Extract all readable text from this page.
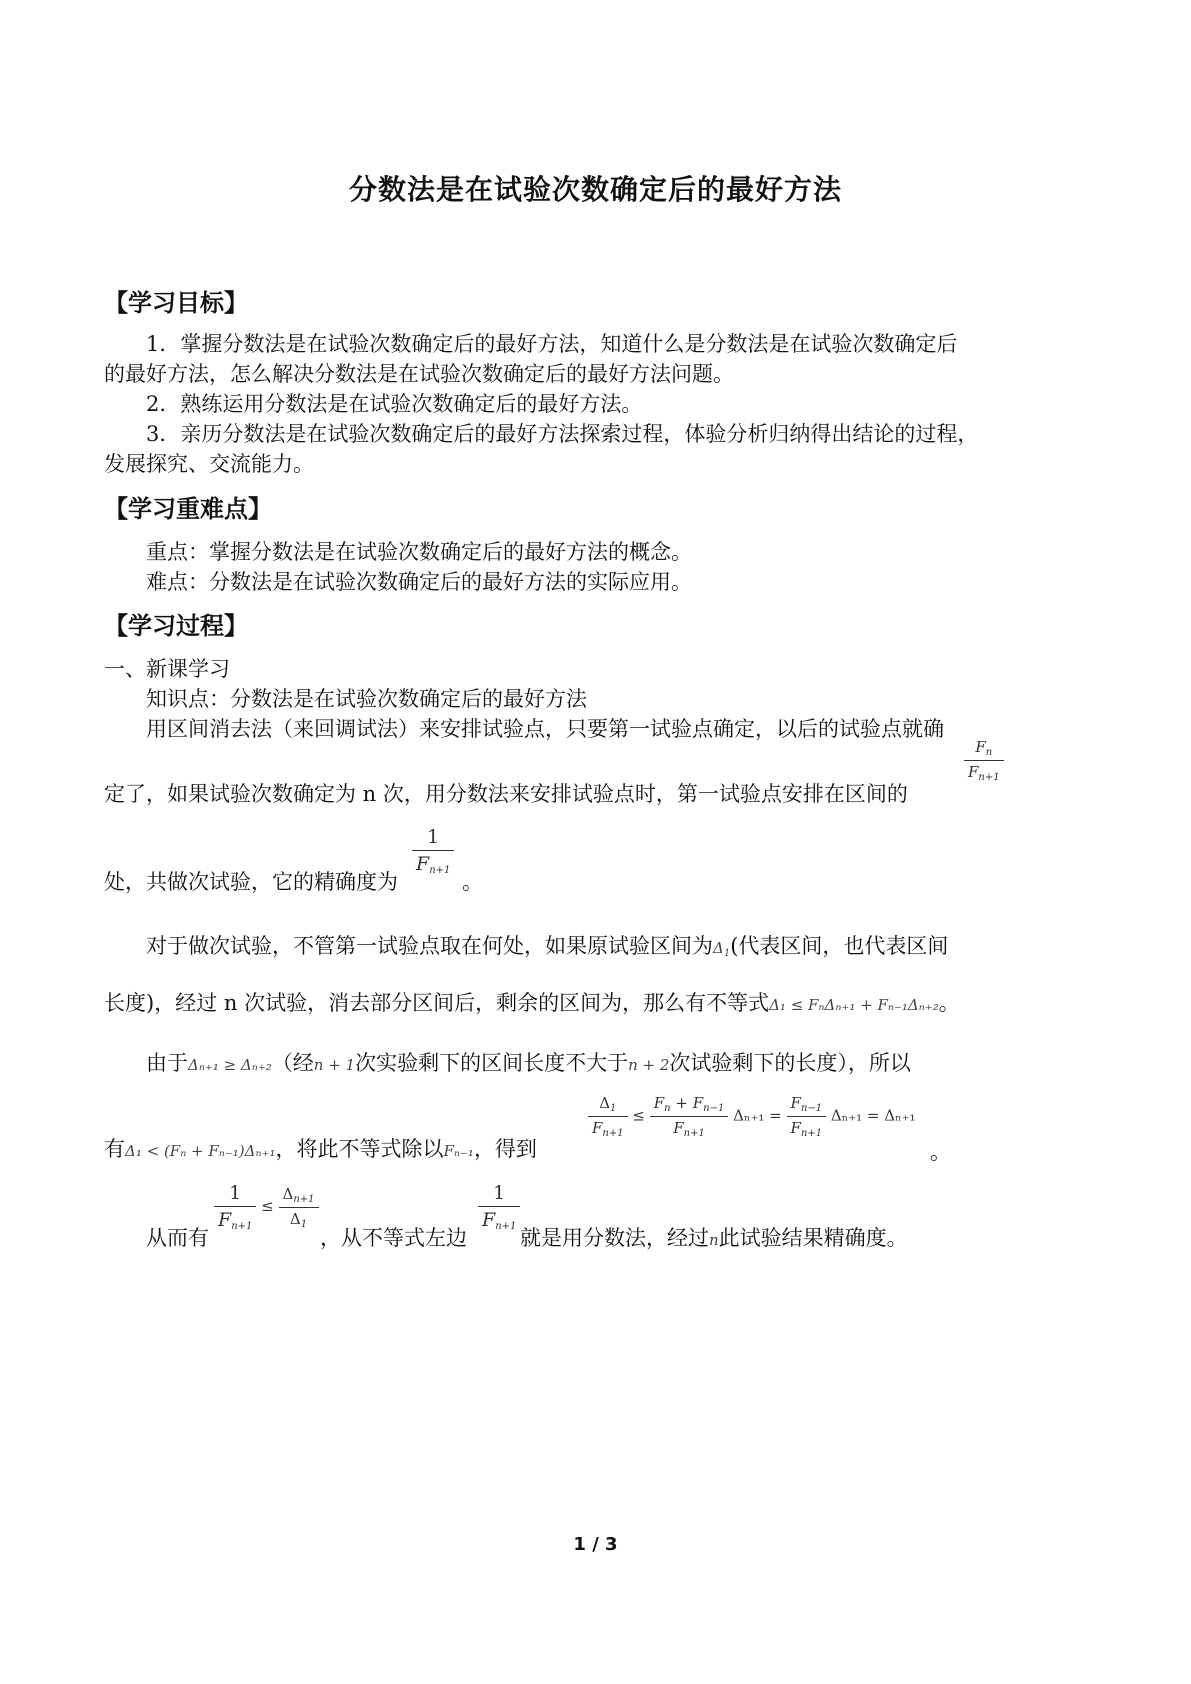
分数法是在试验次数确定后的最好方法
【学习目标】
1．掌握分数法是在试验次数确定后的最好方法，知道什么是分数法是在试验次数确定后
的最好方法，怎么解决分数法是在试验次数确定后的最好方法问题。
2．熟练运用分数法是在试验次数确定后的最好方法。
3．亲历分数法是在试验次数确定后的最好方法探索过程，体验分析归纳得出结论的过程，
发展探究、交流能力。
【学习重难点】
重点：掌握分数法是在试验次数确定后的最好方法的概念。
难点：分数法是在试验次数确定后的最好方法的实际应用。
【学习过程】
一、新课学习
知识点：分数法是在试验次数确定后的最好方法
用区间消去法（来回调试法）来安排试验点，只要第一试验点确定，以后的试验点就确
定了，如果试验次数确定为 n 次，用分数法来安排试验点时，第一试验点安排在区间的
$\frac{F_n}{F_{n+1}}$
处，共做次试验，它的精确度为
$\frac{1}{F_{n+1}}$
。
对于做次试验，不管第一试验点取在何处，如果原试验区间为$\Delta_1$(代表区间，也代表区间
长度)，经过 n 次试验，消去部分区间后，剩余的区间为，那么有不等式Δ₁ ≤ FₙΔₙ₊₁ + Fₙ₋₁Δₙ₊₂。
由于Δₙ₊₁ ≥ Δₙ₊₂（经n + 1次实验剩下的区间长度不大于n + 2次试验剩下的长度），所以
有Δ₁ < (Fₙ + Fₙ₋₁)Δₙ₊₁，将此不等式除以Fₙ₋₁，得到
$\frac{\Delta_1}{F_{n+1}} \le \frac{F_n + F_{n-1}}{F_{n+1}} \Delta_{n+1} = \frac{F_{n-1}}{F_{n+1}} \Delta_{n+1} = \Delta_{n+1}$
。
从而有
$\frac{1}{F_{n+1}} \le \frac{\Delta_{n+1}}{\Delta_1}$
，从不等式左边
$\frac{1}{F_{n+1}}$
就是用分数法，经过n此试验结果精确度。
1 / 3
